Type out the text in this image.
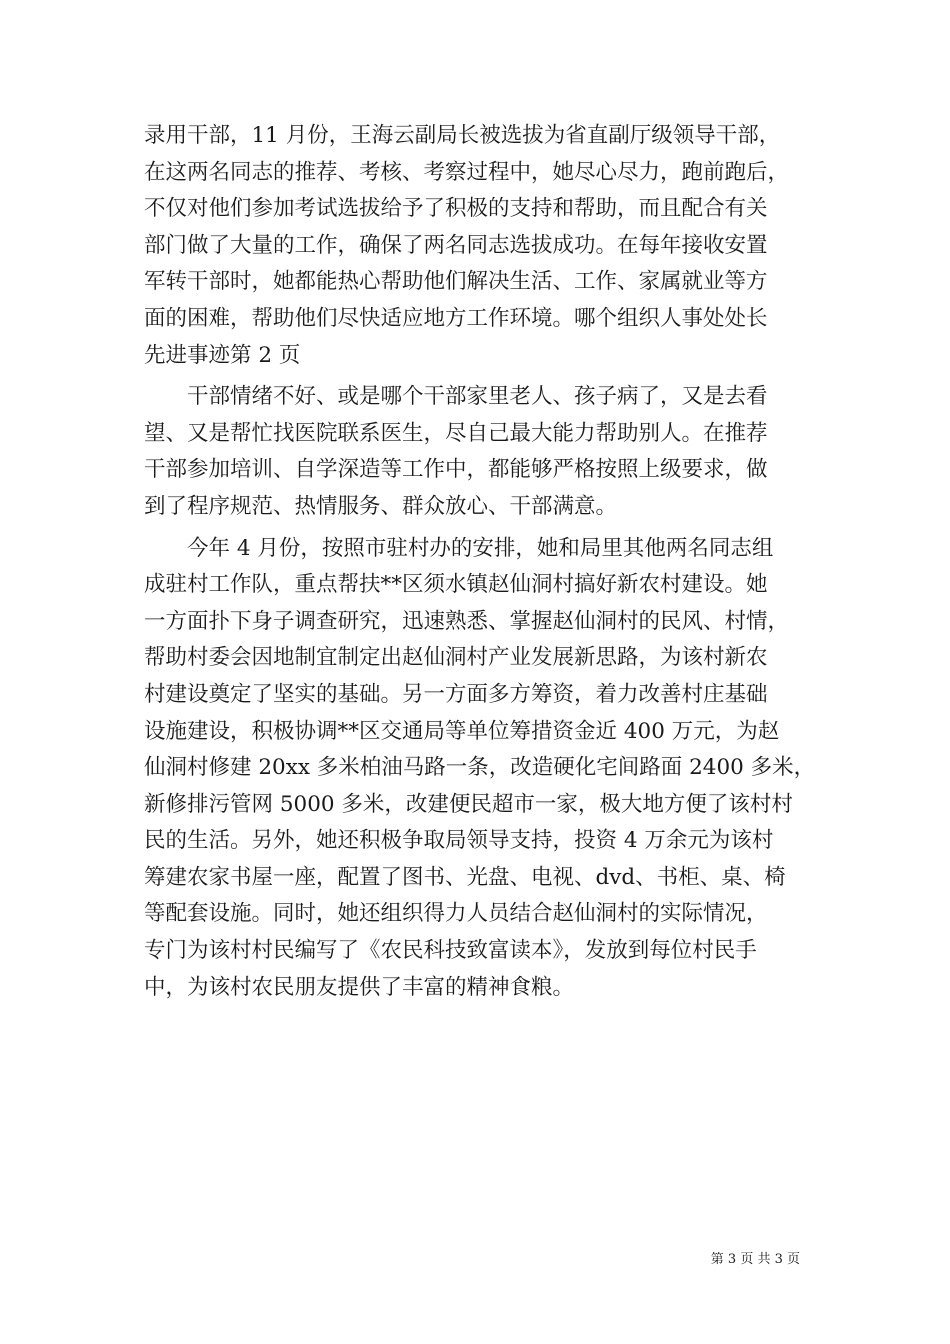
录用干部，11 月份，王海云副局长被选拔为省直副厅级领导干部，
在这两名同志的推荐、考核、考察过程中，她尽心尽力，跑前跑后，
不仅对他们参加考试选拔给予了积极的支持和帮助，而且配合有关
部门做了大量的工作，确保了两名同志选拔成功。在每年接收安置
军转干部时，她都能热心帮助他们解决生活、工作、家属就业等方
面的困难，帮助他们尽快适应地方工作环境。哪个组织人事处处长
先进事迹第 2 页
　　干部情绪不好、或是哪个干部家里老人、孩子病了，又是去看
望、又是帮忙找医院联系医生，尽自己最大能力帮助别人。在推荐
干部参加培训、自学深造等工作中，都能够严格按照上级要求，做
到了程序规范、热情服务、群众放心、干部满意。
　　今年 4 月份，按照市驻村办的安排，她和局里其他两名同志组
成驻村工作队，重点帮扶**区须水镇赵仙洞村搞好新农村建设。她
一方面扑下身子调查研究，迅速熟悉、掌握赵仙洞村的民风、村情，
帮助村委会因地制宜制定出赵仙洞村产业发展新思路，为该村新农
村建设奠定了坚实的基础。另一方面多方筹资，着力改善村庄基础
设施建设，积极协调**区交通局等单位筹措资金近 400 万元，为赵
仙洞村修建 20xx 多米柏油马路一条，改造硬化宅间路面 2400 多米，
新修排污管网 5000 多米，改建便民超市一家，极大地方便了该村村
民的生活。另外，她还积极争取局领导支持，投资 4 万余元为该村
筹建农家书屋一座，配置了图书、光盘、电视、dvd、书柜、桌、椅
等配套设施。同时，她还组织得力人员结合赵仙洞村的实际情况，
专门为该村村民编写了《农民科技致富读本》，发放到每位村民手
中，为该村农民朋友提供了丰富的精神食粮。
第 3 页 共 3 页
